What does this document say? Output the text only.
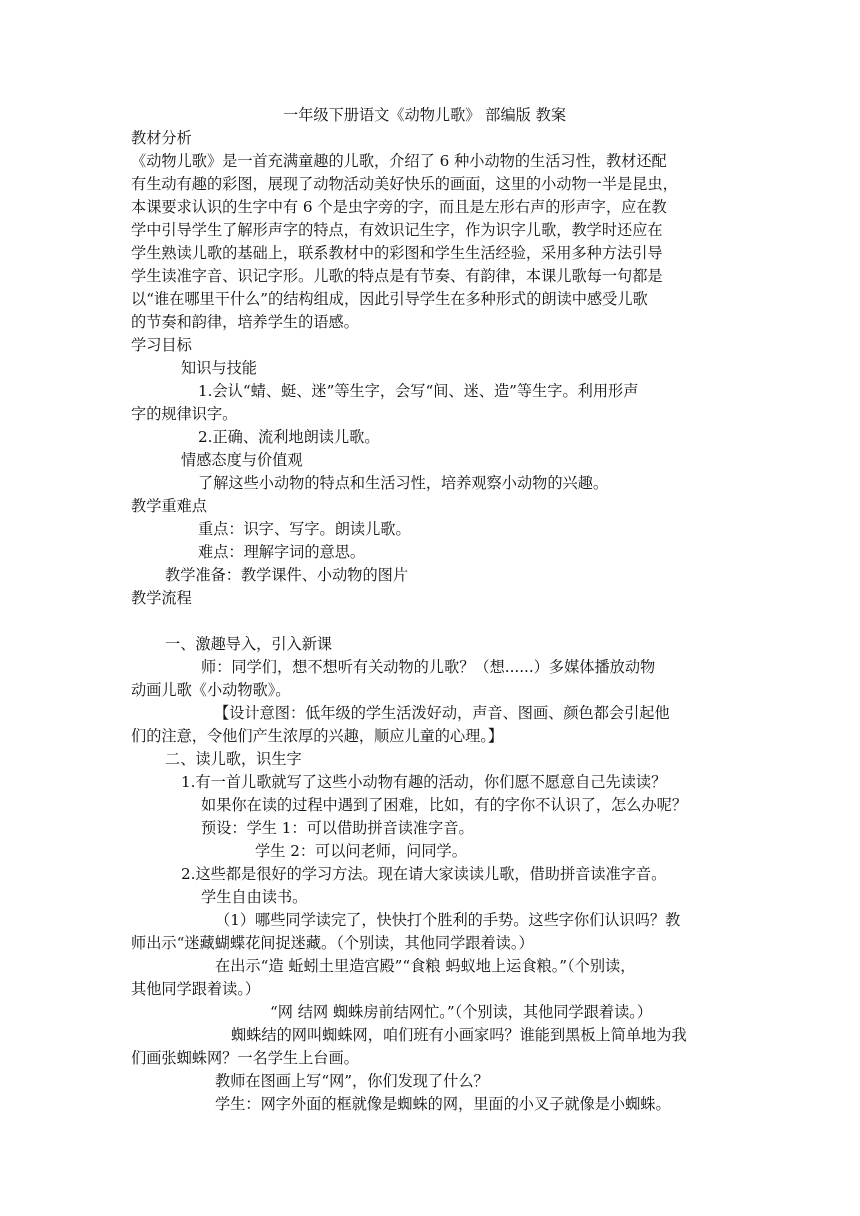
一年级下册语文《动物儿歌》 部编版 教案
教材分析
《动物儿歌》是一首充满童趣的儿歌，介绍了 6 种小动物的生活习性，教材还配
有生动有趣的彩图，展现了动物活动美好快乐的画面，这里的小动物一半是昆虫，
本课要求认识的生字中有 6 个是虫字旁的字，而且是左形右声的形声字，应在教
学中引导学生了解形声字的特点，有效识记生字，作为识字儿歌，教学时还应在
学生熟读儿歌的基础上，联系教材中的彩图和学生生活经验，采用多种方法引导
学生读准字音、识记字形。儿歌的特点是有节奏、有韵律，本课儿歌每一句都是
以“谁在哪里干什么”的结构组成，因此引导学生在多种形式的朗读中感受儿歌
的节奏和韵律，培养学生的语感。
学习目标
知识与技能
1.会认“蜻、蜓、迷”等生字，会写“间、迷、造”等生字。利用形声
字的规律识字。
2.正确、流利地朗读儿歌。
情感态度与价值观
了解这些小动物的特点和生活习性，培养观察小动物的兴趣。
教学重难点
重点：识字、写字。朗读儿歌。
难点：理解字词的意思。
教学准备：教学课件、小动物的图片
教学流程
一、激趣导入，引入新课
师：同学们，想不想听有关动物的儿歌？（想......）多媒体播放动物
动画儿歌《小动物歌》。
【设计意图：低年级的学生活泼好动，声音、图画、颜色都会引起他
们的注意，令他们产生浓厚的兴趣，顺应儿童的心理。】
二、读儿歌，识生字
1.有一首儿歌就写了这些小动物有趣的活动，你们愿不愿意自己先读读？
如果你在读的过程中遇到了困难，比如，有的字你不认识了，怎么办呢？
预设：学生 1：可以借助拼音读准字音。
学生 2：可以问老师，问同学。
2.这些都是很好的学习方法。现在请大家读读儿歌，借助拼音读准字音。
学生自由读书。
（1）哪些同学读完了，快快打个胜利的手势。这些字你们认识吗？教
师出示“迷藏蝴蝶花间捉迷藏。（个别读，其他同学跟着读。）
在出示“造 蚯蚓土里造宫殿”“食粮 蚂蚁地上运食粮。”（个别读，
其他同学跟着读。）
“网 结网 蜘蛛房前结网忙。”（个别读，其他同学跟着读。）
蜘蛛结的网叫蜘蛛网，咱们班有小画家吗？谁能到黑板上简单地为我
们画张蜘蛛网？一名学生上台画。
教师在图画上写“网”，你们发现了什么？
学生：网字外面的框就像是蜘蛛的网，里面的小叉子就像是小蜘蛛。
